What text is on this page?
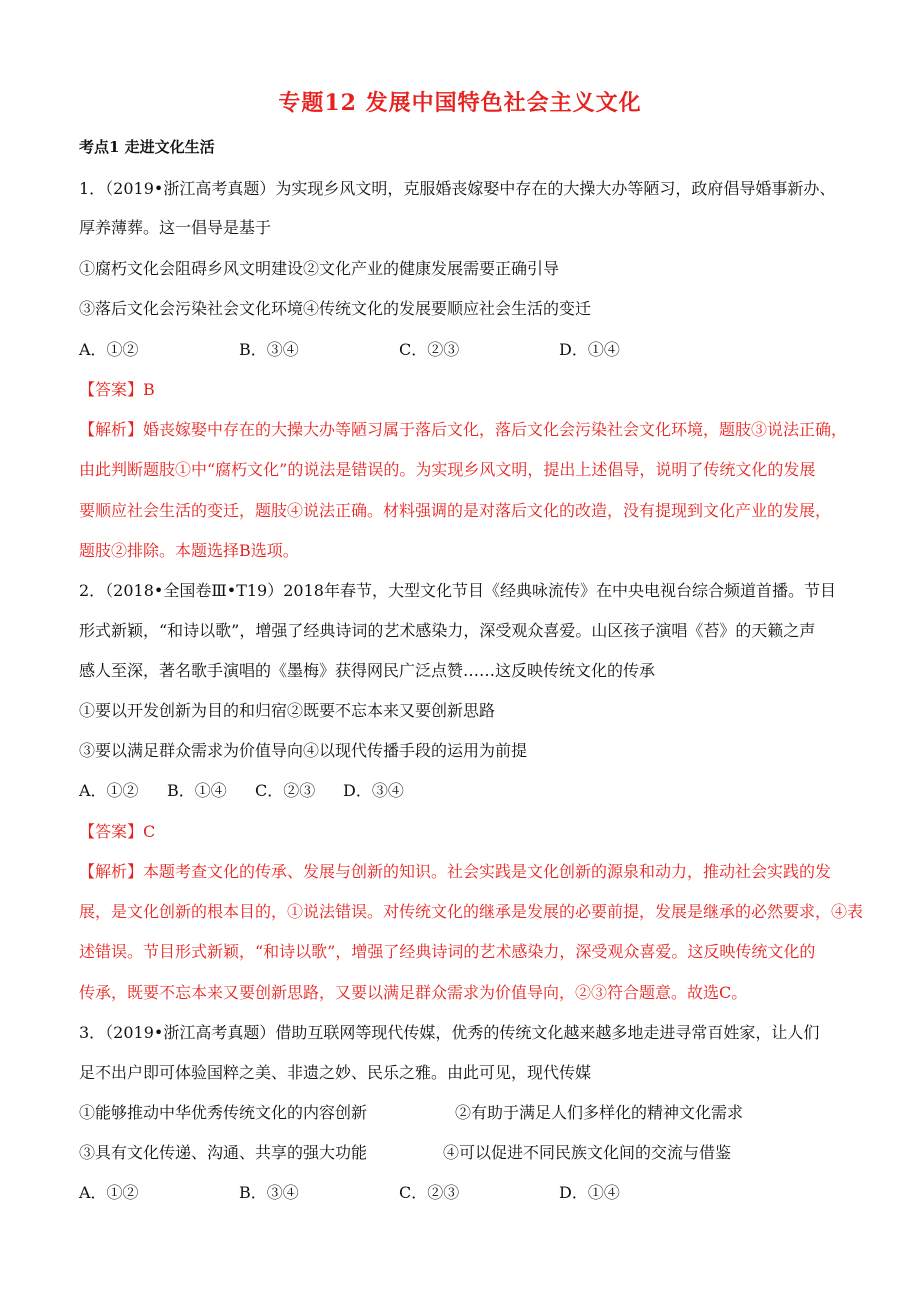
专题12 发展中国特色社会主义文化
考点1 走进文化生活
1．（2019•浙江高考真题）为实现乡风文明，克服婚丧嫁娶中存在的大操大办等陋习，政府倡导婚事新办、
厚养薄葬。这一倡导是基于
①腐朽文化会阻碍乡风文明建设②文化产业的健康发展需要正确引导
③落后文化会污染社会文化环境④传统文化的发展要顺应社会生活的变迁
A．①②	B．③④	C．②③	D．①④
【答案】B
【解析】婚丧嫁娶中存在的大操大办等陋习属于落后文化，落后文化会污染社会文化环境，题肢③说法正确，
由此判断题肢①中“腐朽文化”的说法是错误的。为实现乡风文明，提出上述倡导，说明了传统文化的发展
要顺应社会生活的变迁，题肢④说法正确。材料强调的是对落后文化的改造，没有提现到文化产业的发展，
题肢②排除。本题选择B选项。
2．（2018•全国卷Ⅲ•T19）2018年春节，大型文化节目《经典咏流传》在中央电视台综合频道首播。节目
形式新颖，“和诗以歌”，增强了经典诗词的艺术感染力，深受观众喜爱。山区孩子演唱《苔》的天籁之声
感人至深，著名歌手演唱的《墨梅》获得网民广泛点赞……这反映传统文化的传承
①要以开发创新为目的和归宿②既要不忘本来又要创新思路
③要以满足群众需求为价值导向④以现代传播手段的运用为前提
A．①② B．①④ C．②③ D．③④
【答案】C
【解析】本题考查文化的传承、发展与创新的知识。社会实践是文化创新的源泉和动力，推动社会实践的发
展，是文化创新的根本目的，①说法错误。对传统文化的继承是发展的必要前提，发展是继承的必然要求，④表
述错误。节目形式新颖，“和诗以歌”，增强了经典诗词的艺术感染力，深受观众喜爱。这反映传统文化的
传承，既要不忘本来又要创新思路，又要以满足群众需求为价值导向，②③符合题意。故选C。
3．（2019•浙江高考真题）借助互联网等现代传媒，优秀的传统文化越来越多地走进寻常百姓家，让人们
足不出户即可体验国粹之美、非遗之妙、民乐之雅。由此可见，现代传媒
①能够推动中华优秀传统文化的内容创新	②有助于满足人们多样化的精神文化需求
③具有文化传递、沟通、共享的强大功能	④可以促进不同民族文化间的交流与借鉴
A．①②	B．③④	C．②③	D．①④
